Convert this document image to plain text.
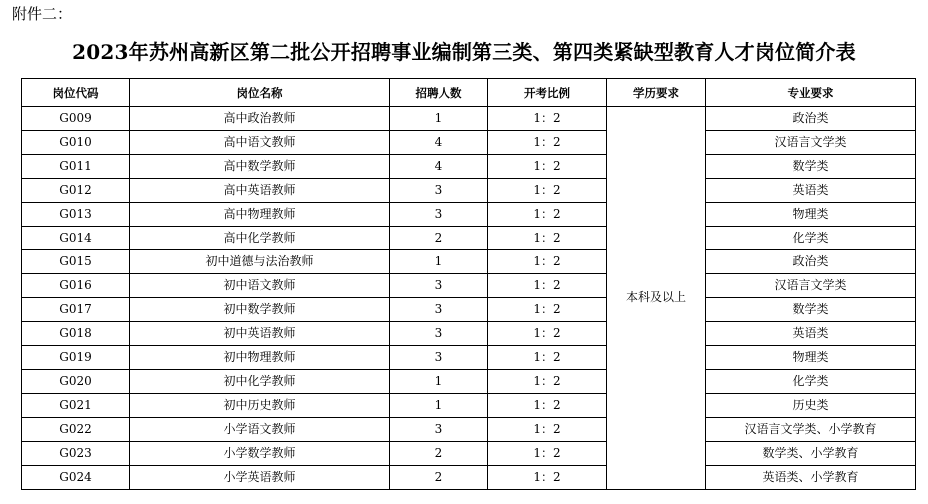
附件二：
2023年苏州高新区第二批公开招聘事业编制第三类、第四类紧缺型教育人才岗位简介表
岗位代码	岗位名称	招聘人数	开考比例	学历要求	专业要求
G009	高中政治教师	1	1：2	本科及以上	政治类
G010	高中语文教师	4	1：2		汉语言文学类
G011	高中数学教师	4	1：2		数学类
G012	高中英语教师	3	1：2		英语类
G013	高中物理教师	3	1：2		物理类
G014	高中化学教师	2	1：2		化学类
G015	初中道德与法治教师	1	1：2		政治类
G016	初中语文教师	3	1：2		汉语言文学类
G017	初中数学教师	3	1：2		数学类
G018	初中英语教师	3	1：2		英语类
G019	初中物理教师	3	1：2		物理类
G020	初中化学教师	1	1：2		化学类
G021	初中历史教师	1	1：2		历史类
G022	小学语文教师	3	1：2		汉语言文学类、小学教育
G023	小学数学教师	2	1：2		数学类、小学教育
G024	小学英语教师	2	1：2		英语类、小学教育
